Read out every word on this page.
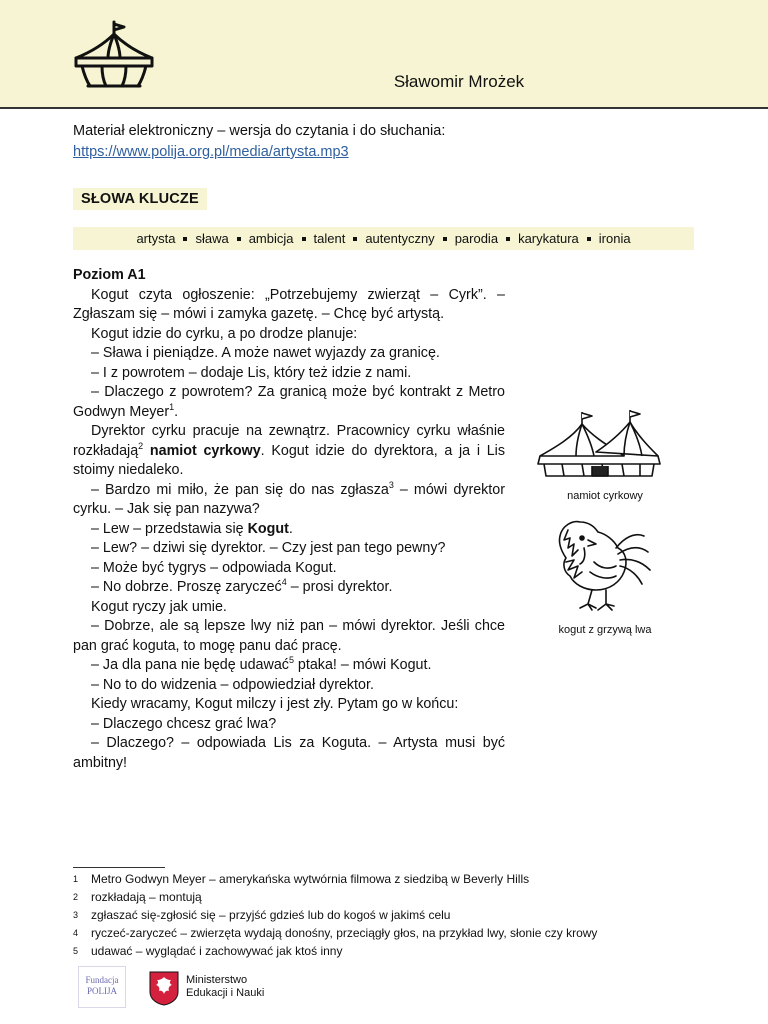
Sławomir Mrożek
Materiał elektroniczny – wersja do czytania i do słuchania:
https://www.polija.org.pl/media/artysta.mp3
SŁOWA KLUCZE
artysta sława ambicja talent autentyczny parodia karykatura ironia
Poziom A1

Kogut czyta ogłoszenie: „Potrzebujemy zwierząt – Cyrk”. – Zgłaszam się – mówi i zamyka gazetę. – Chcę być artystą.

Kogut idzie do cyrku, a po drodze planuje:

– Sława i pieniądze. A może nawet wyjazdy za granicę.

– I z powrotem – dodaje Lis, który też idzie z nami.

– Dlaczego z powrotem? Za granicą może być kontrakt z Metro Godwyn Meyer$^1$.

Dyrektor cyrku pracuje na zewnątrz. Pracownicy cyrku właśnie rozkładają$^2$ namiot cyrkowy. Kogut idzie do dyrektora, a ja i Lis stoimy niedaleko.

– Bardzo mi miło, że pan się do nas zgłasza$^3$ – mówi dyrektor cyrku. – Jak się pan nazywa?

– Lew – przedstawia się Kogut.

– Lew? – dziwi się dyrektor. – Czy jest pan tego pewny?

– Może być tygrys – odpowiada Kogut.

– No dobrze. Proszę zaryczeć$^4$ – prosi dyrektor.

Kogut ryczy jak umie.

– Dobrze, ale są lepsze lwy niż pan – mówi dyrektor. Jeśli chce pan grać koguta, to mogę panu dać pracę.

– Ja dla pana nie będę udawać$^5$ ptaka! – mówi Kogut.

– No to do widzenia – odpowiedział dyrektor.

Kiedy wracamy, Kogut milczy i jest zły. Pytam go w końcu:

– Dlaczego chcesz grać lwa?

– Dlaczego? – odpowiada Lis za Koguta. – Artysta musi być ambitny!

namiot cyrkowy
kogut z grzywą lwa
1	Metro Godwyn Meyer – amerykańska wytwórnia filmowa z siedzibą w Beverly Hills
2	rozkładają – montują
3	zgłaszać się-zgłosić się – przyjść gdzieś lub do kogoś w jakimś celu
4	ryczeć-zaryczeć – zwierzęta wydają donośny, przeciągły głos, na przykład lwy, słonie czy krowy
5	udawać – wyglądać i zachowywać jak ktoś inny
Fundacja
POLIJA
Ministerstwo
Edukacji i Nauki
